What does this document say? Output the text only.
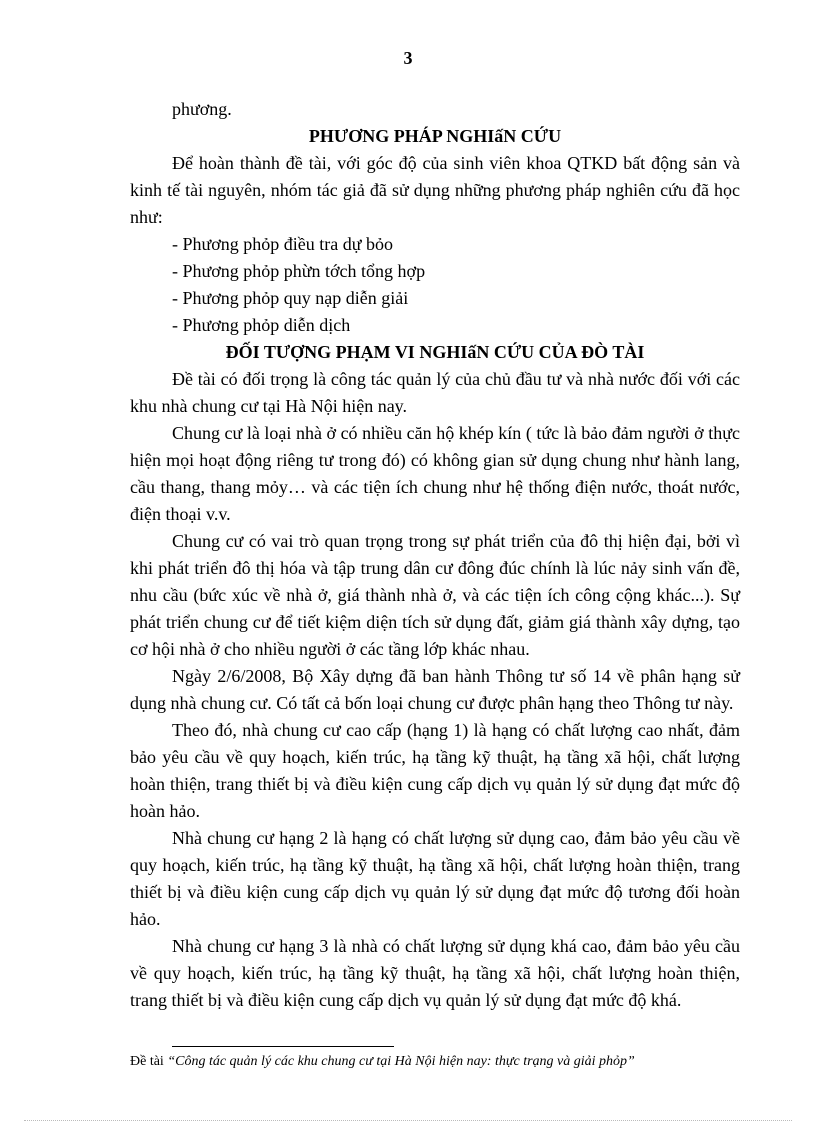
3

phương.

PHƯƠNG PHÁP NGHIấN CỨU

Để hoàn thành đề tài, với góc độ của sinh viên khoa QTKD bất động sản và kinh tế tài nguyên, nhóm tác giả đã sử dụng những phương pháp nghiên cứu đã học như:

- Phương phỏp điều tra dự bỏo

- Phương phỏp phừn tớch tổng hợp

- Phương phỏp quy nạp diễn giải

- Phương phỏp diễn dịch

ĐỐI TƯỢNG PHẠM VI NGHIấN CỨU CỦA ĐÒ TÀI

Đề tài có đối trọng là công tác quản lý của chủ đầu tư và nhà nước đối với các khu nhà chung cư tại Hà Nội hiện nay.

Chung cư là loại nhà ở có nhiều căn hộ khép kín ( tức là bảo đảm người ở thực hiện mọi hoạt động riêng tư trong đó) có không gian sử dụng chung như hành lang, cầu thang, thang mỏy… và các tiện ích chung như hệ thống điện nước, thoát nước, điện thoại v.v.

Chung cư có vai trò quan trọng trong sự phát triển của đô thị hiện đại, bởi vì khi phát triển đô thị hóa và tập trung dân cư đông đúc chính là lúc nảy sinh vấn đề, nhu cầu (bức xúc về nhà ở, giá thành nhà ở, và các tiện ích công cộng khác...). Sự phát triển chung cư để tiết kiệm diện tích sử dụng đất, giảm giá thành xây dựng, tạo cơ hội nhà ở cho nhiều người ở các tầng lớp khác nhau.

Ngày 2/6/2008, Bộ Xây dựng đã ban hành Thông tư số 14 về phân hạng sử dụng nhà chung cư. Có tất cả bốn loại chung cư được phân hạng theo Thông tư này.

Theo đó, nhà chung cư cao cấp (hạng 1) là hạng có chất lượng cao nhất, đảm bảo yêu cầu về quy hoạch, kiến trúc, hạ tầng kỹ thuật, hạ tầng xã hội, chất lượng hoàn thiện, trang thiết bị và điều kiện cung cấp dịch vụ quản lý sử dụng đạt mức độ hoàn hảo.

Nhà chung cư hạng 2 là hạng có chất lượng sử dụng cao, đảm bảo yêu cầu về quy hoạch, kiến trúc, hạ tầng kỹ thuật, hạ tầng xã hội, chất lượng hoàn thiện, trang thiết bị và điều kiện cung cấp dịch vụ quản lý sử dụng đạt mức độ tương đối hoàn hảo.

Nhà chung cư hạng 3 là nhà có chất lượng sử dụng khá cao, đảm bảo yêu cầu về quy hoạch, kiến trúc, hạ tầng kỹ thuật, hạ tầng xã hội, chất lượng hoàn thiện, trang thiết bị và điều kiện cung cấp dịch vụ quản lý sử dụng đạt mức độ khá.

Đề tài “Công tác quản lý các khu chung cư tại Hà Nội hiện nay: thực trạng và giải phỏp”
